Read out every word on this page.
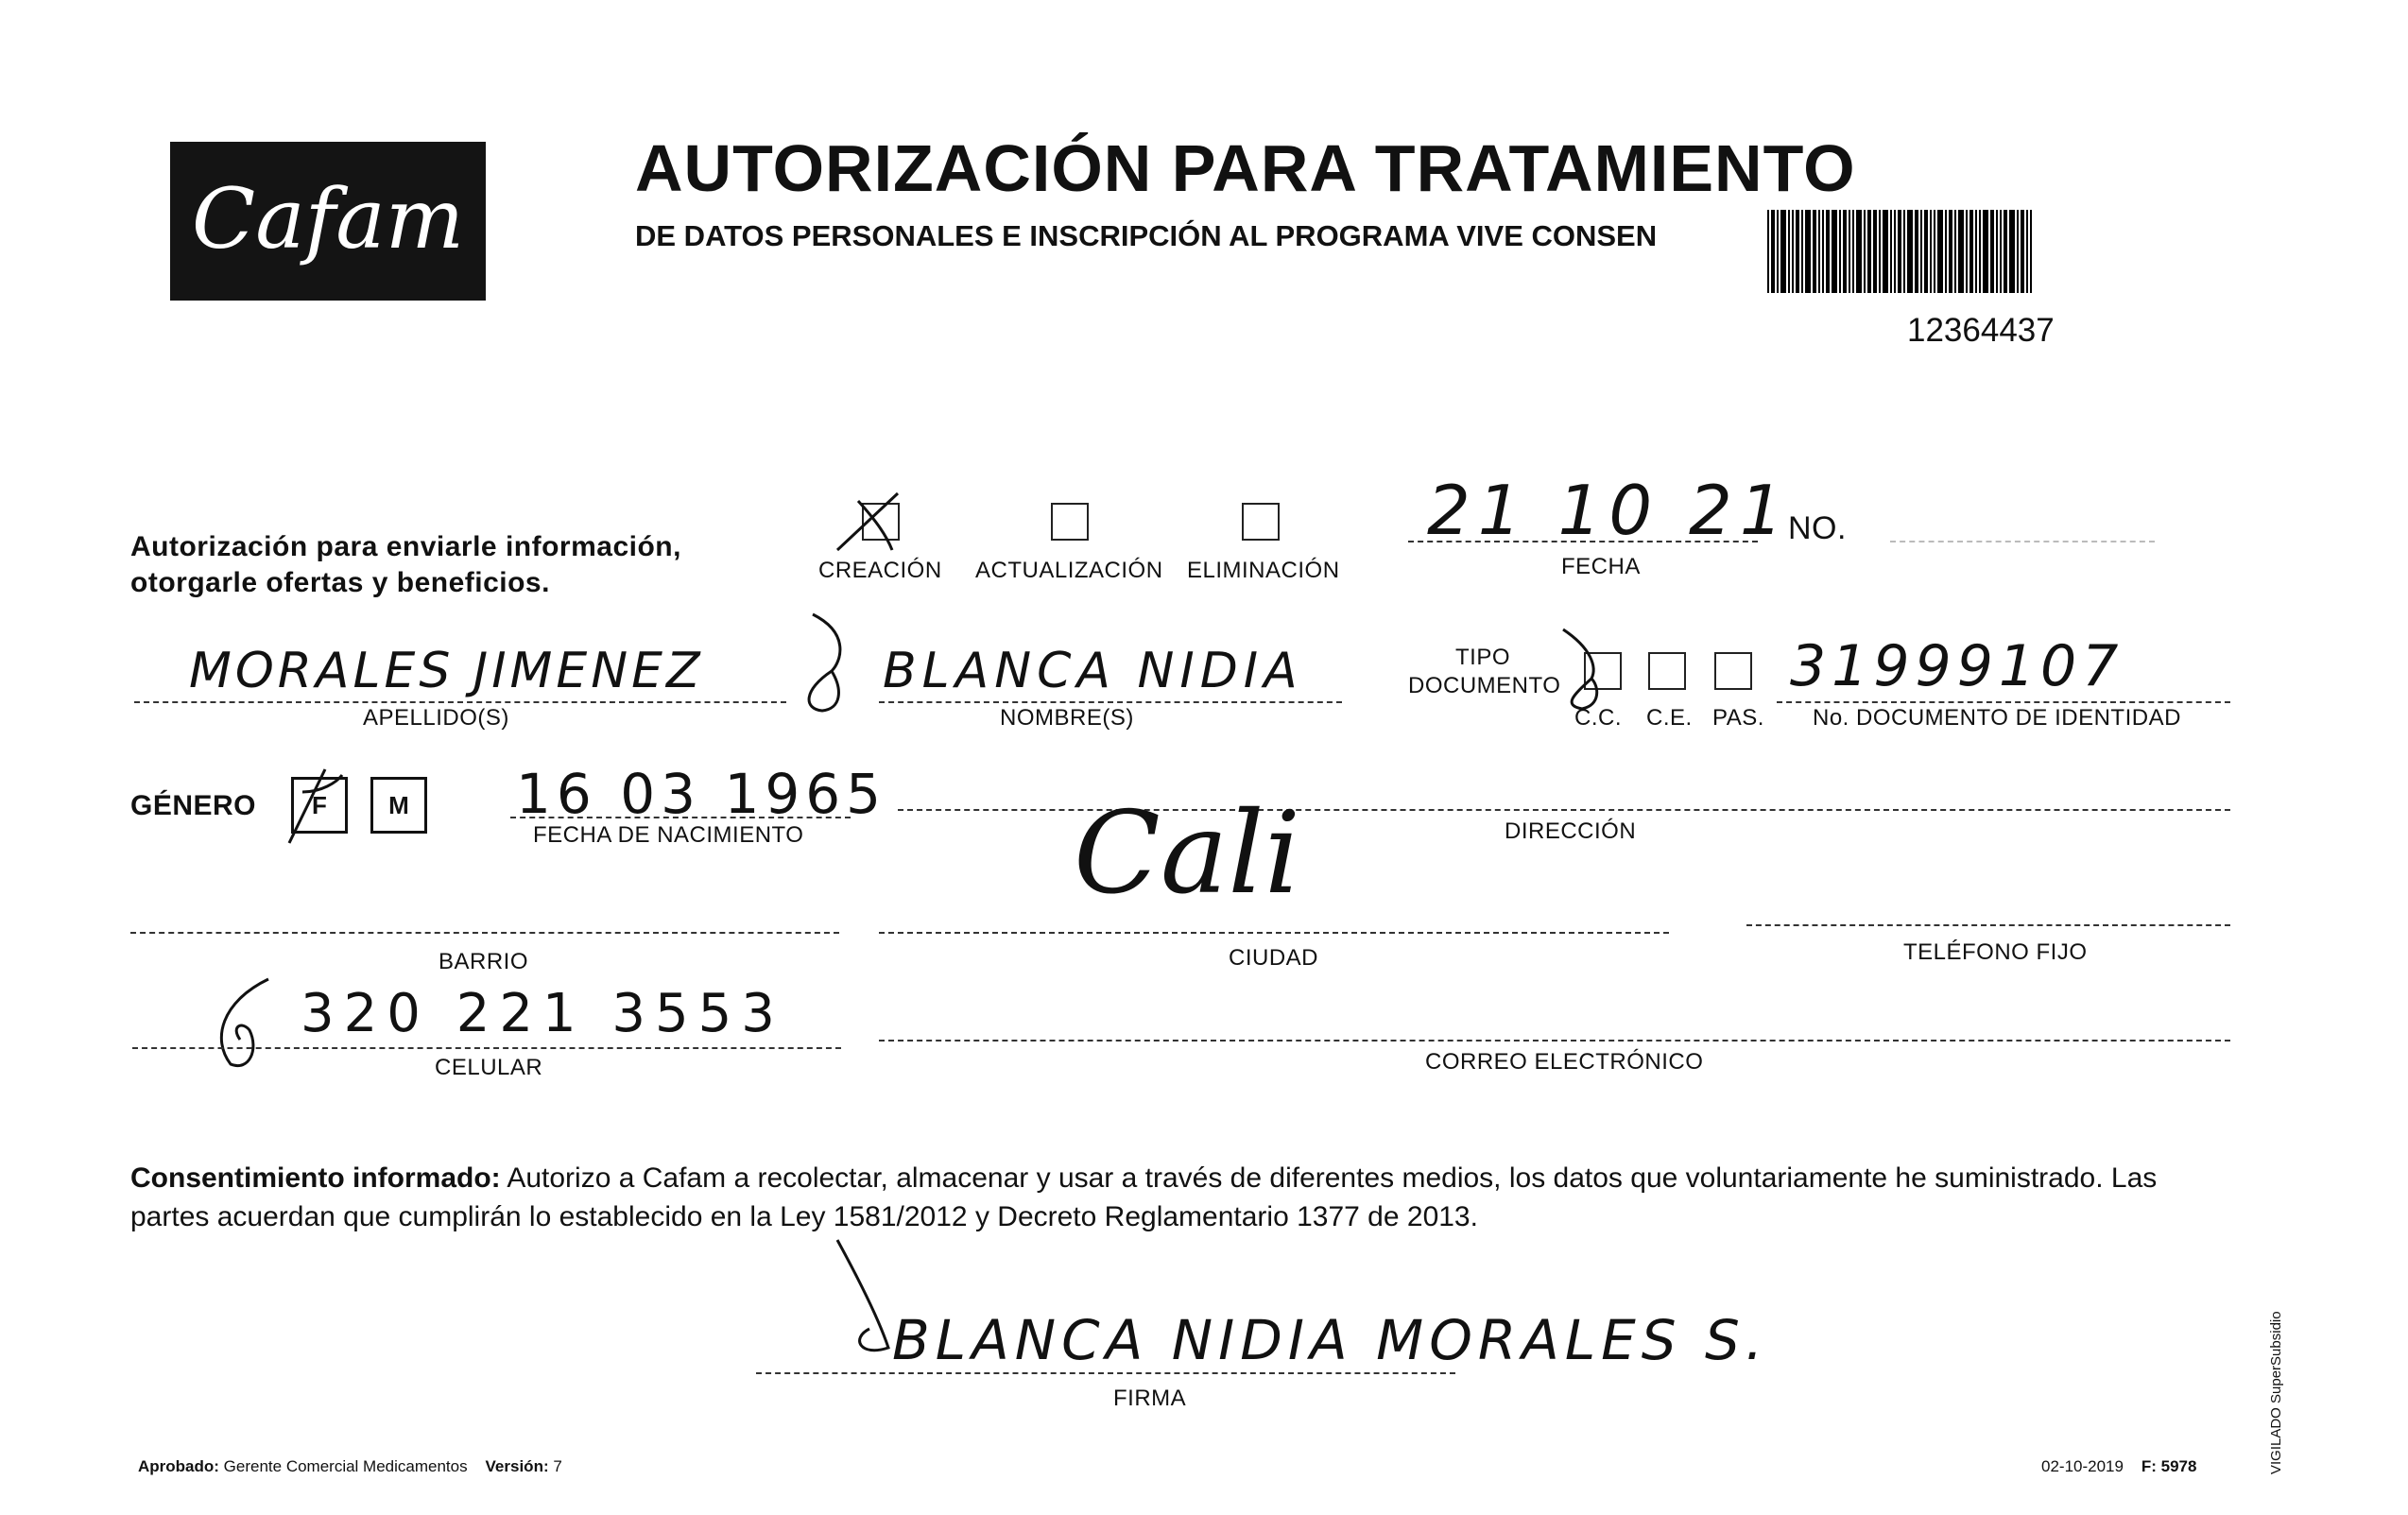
Cafam
AUTORIZACIÓN PARA TRATAMIENTO
DE DATOS PERSONALES E INSCRIPCIÓN AL PROGRAMA VIVE CONSEN
12364437
Autorización para enviarle información,
otorgarle ofertas y beneficios.	CREACIÓN ACTUALIZACIÓN ELIMINACIÓN
21 10 21
FECHA
NO.
MORALES JIMENEZ
APELLIDO(S)
BLANCA NIDIA
NOMBRE(S)
TIPO
DOCUMENTO
C.C. C.E. PAS.
31999107
No. DOCUMENTO DE IDENTIDAD
GÉNERO	F	M	16 03 1965
FECHA DE NACIMIENTO	DIRECCIÓN
BARRIO
Cali
CIUDAD	TELÉFONO FIJO
320 221 3553
CELULAR	CORREO ELECTRÓNICO
Consentimiento informado: Autorizo a Cafam a recolectar, almacenar y usar a través de diferentes medios, los datos que voluntariamente he suministrado. Las partes acuerdan que cumplirán lo establecido en la Ley 1581/2012 y Decreto Reglamentario 1377 de 2013.
BLANCA NIDIA MORALES S.
FIRMA
Aprobado: Gerente Comercial Medicamentos Versión: 7	02-10-2019 F: 5978	VIGILADO SuperSubsidio
